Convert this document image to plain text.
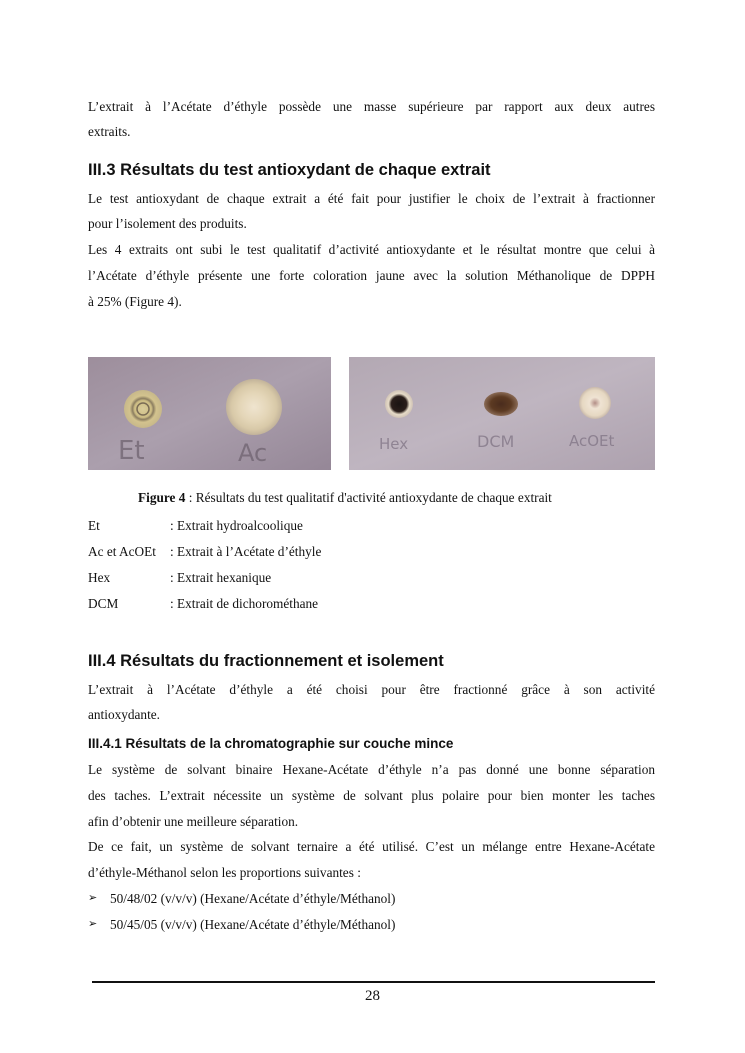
L’extrait à l’Acétate d’éthyle possède une masse supérieure par rapport aux deux autres

extraits.

III.3 Résultats du test antioxydant de chaque extrait

Le test antioxydant de chaque extrait a été fait pour justifier le choix de l’extrait à fractionner

pour l’isolement des produits.

Les 4 extraits ont subi le test qualitatif d’activité antioxydante et le résultat montre que celui à

l’Acétate d’éthyle présente une forte coloration jaune avec la solution Méthanolique de DPPH

à 25% (Figure 4).

Et	Ac	Hex	DCM	AcOEt
Figure 4 : Résultats du test qualitatif d'activité antioxydante de chaque extrait
Et	: Extrait hydroalcoolique
Ac et AcOEt	: Extrait à l’Acétate d’éthyle
Hex	: Extrait hexanique
DCM	: Extrait de dichorométhane
III.4 Résultats du fractionnement et isolement

L’extrait à l’Acétate d’éthyle a été choisi pour être fractionné grâce à son activité

antioxydante.

III.4.1 Résultats de la chromatographie sur couche mince

Le système de solvant binaire Hexane-Acétate d’éthyle n’a pas donné une bonne séparation

des taches. L’extrait nécessite un système de solvant plus polaire pour bien monter les taches

afin d’obtenir une meilleure séparation.

De ce fait, un système de solvant ternaire a été utilisé. C’est un mélange entre Hexane-Acétate

d’éthyle-Méthanol selon les proportions suivantes :

➢ 50/48/02 (v/v/v) (Hexane/Acétate d’éthyle/Méthanol)
➢ 50/45/05 (v/v/v) (Hexane/Acétate d’éthyle/Méthanol)
28
